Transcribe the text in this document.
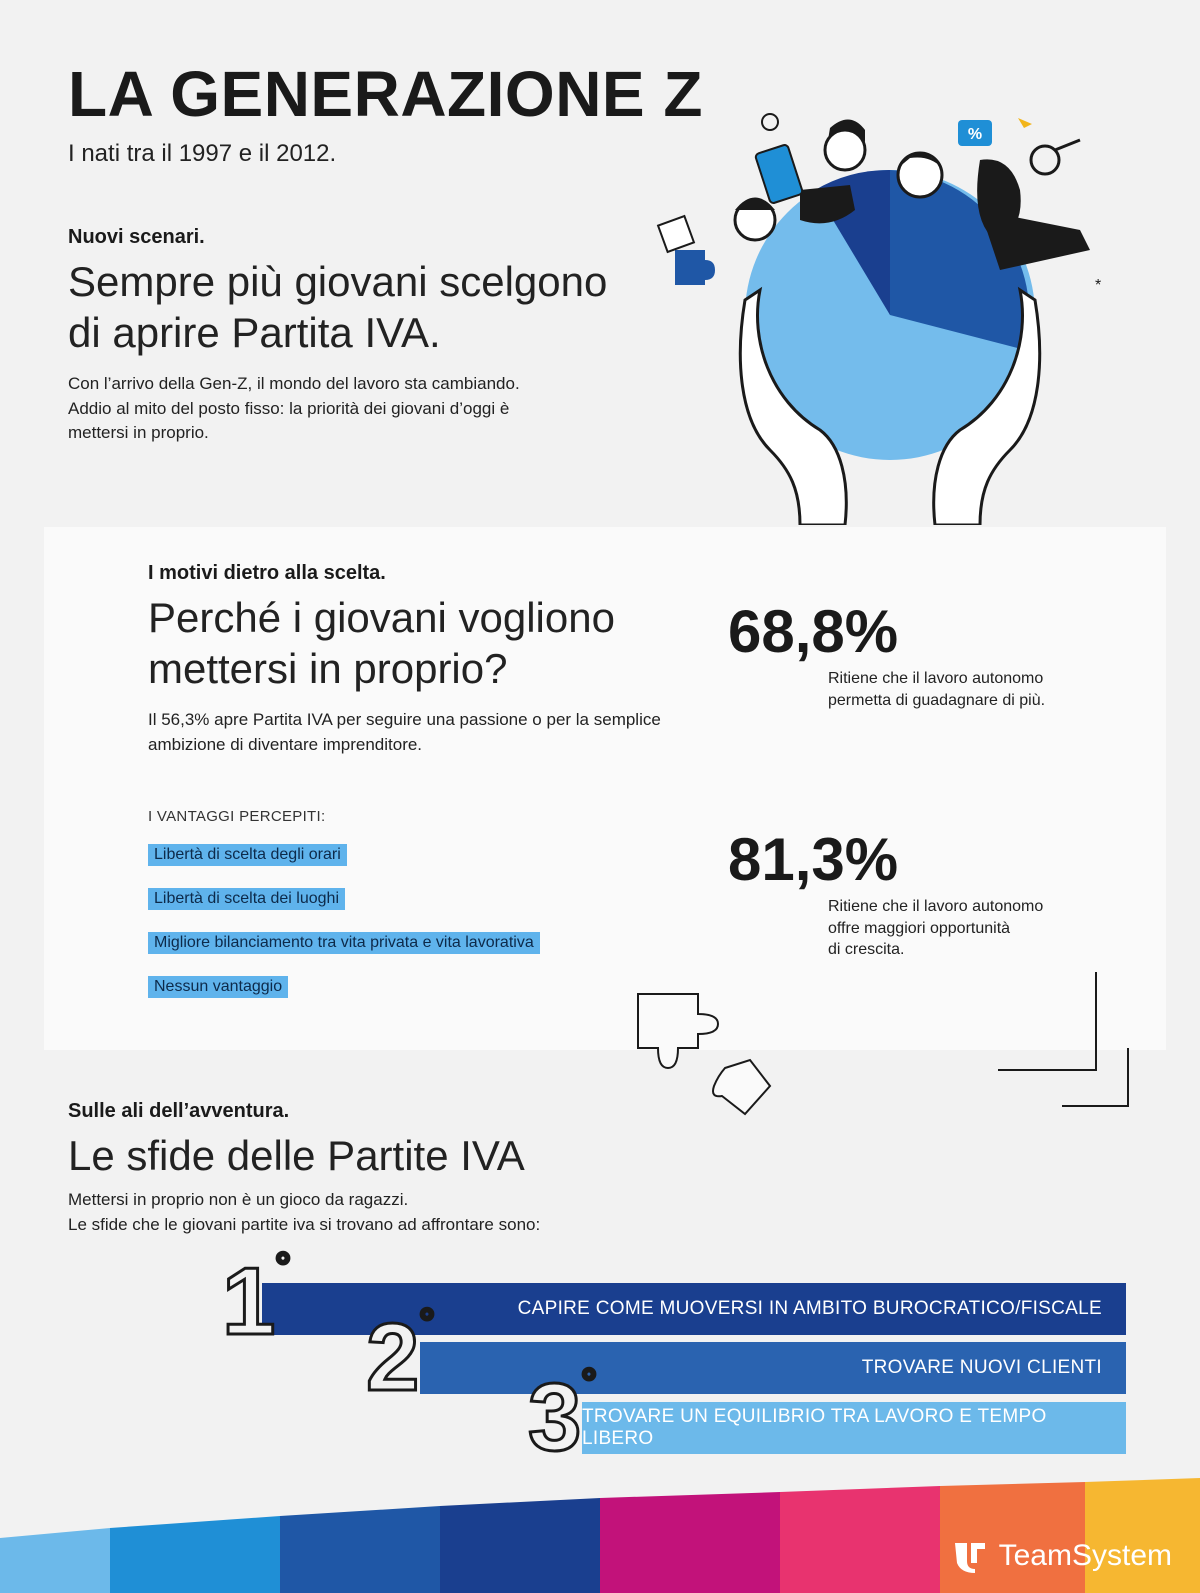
LA GENERAZIONE Z
I nati tra il 1997 e il 2012.
Nuovi scenari.
Sempre più giovani scelgono
di aprire Partita IVA.
Con l’arrivo della Gen-Z, il mondo del lavoro sta cambiando.
Addio al mito del posto fisso: la priorità dei giovani d’oggi è
mettersi in proprio.
%
*
I motivi dietro alla scelta.
Perché i giovani vogliono
mettersi in proprio?
Il 56,3% apre Partita IVA per seguire una passione o per la semplice
ambizione di diventare imprenditore.
I VANTAGGI PERCEPITI:
Libertà di scelta degli orari
Libertà di scelta dei luoghi
Migliore bilanciamento tra vita privata e vita lavorativa
Nessun vantaggio
68,8%
Ritiene che il lavoro autonomo
permetta di guadagnare di più.
81,3%
Ritiene che il lavoro autonomo
offre maggiori opportunità
di crescita.
Sulle ali dell’avventura.
Le sfide delle Partite IVA
Mettersi in proprio non è un gioco da ragazzi.
Le sfide che le giovani partite iva si trovano ad affrontare sono:
CAPIRE COME MUOVERSI IN AMBITO BUROCRATICO/FISCALE
TROVARE NUOVI CLIENTI
TROVARE UN EQUILIBRIO TRA LAVORO E TEMPO LIBERO
1°
2°
3°
TeamSystem
